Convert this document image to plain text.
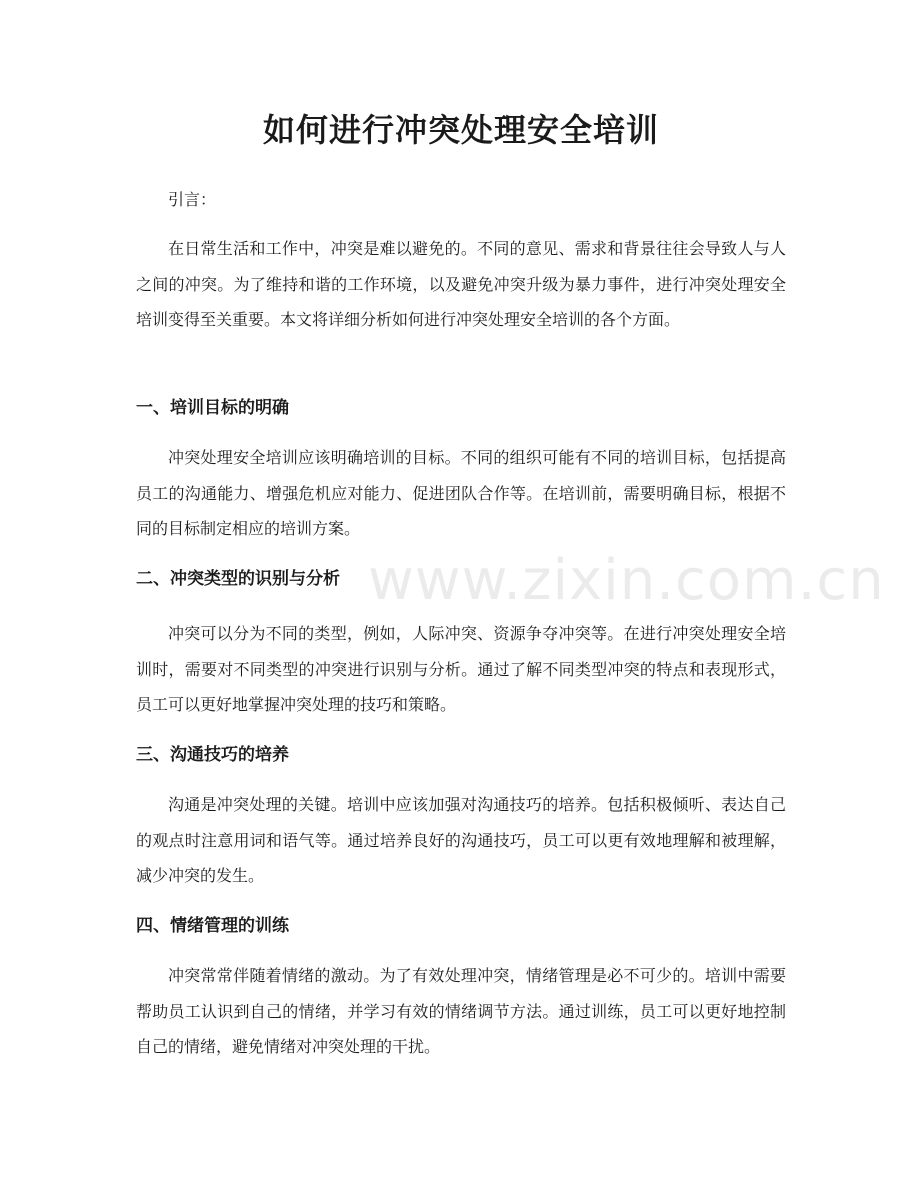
www.zixin.com.cn
如何进行冲突处理安全培训
引言：

在日常生活和工作中，冲突是难以避免的。不同的意见、需求和背景往往会导致人与人之间的冲突。为了维持和谐的工作环境，以及避免冲突升级为暴力事件，进行冲突处理安全培训变得至关重要。本文将详细分析如何进行冲突处理安全培训的各个方面。

一、培训目标的明确

冲突处理安全培训应该明确培训的目标。不同的组织可能有不同的培训目标，包括提高员工的沟通能力、增强危机应对能力、促进团队合作等。在培训前，需要明确目标，根据不同的目标制定相应的培训方案。

二、冲突类型的识别与分析

冲突可以分为不同的类型，例如，人际冲突、资源争夺冲突等。在进行冲突处理安全培训时，需要对不同类型的冲突进行识别与分析。通过了解不同类型冲突的特点和表现形式，员工可以更好地掌握冲突处理的技巧和策略。

三、沟通技巧的培养

沟通是冲突处理的关键。培训中应该加强对沟通技巧的培养。包括积极倾听、表达自己的观点时注意用词和语气等。通过培养良好的沟通技巧，员工可以更有效地理解和被理解，减少冲突的发生。

四、情绪管理的训练

冲突常常伴随着情绪的激动。为了有效处理冲突，情绪管理是必不可少的。培训中需要帮助员工认识到自己的情绪，并学习有效的情绪调节方法。通过训练，员工可以更好地控制自己的情绪，避免情绪对冲突处理的干扰。
